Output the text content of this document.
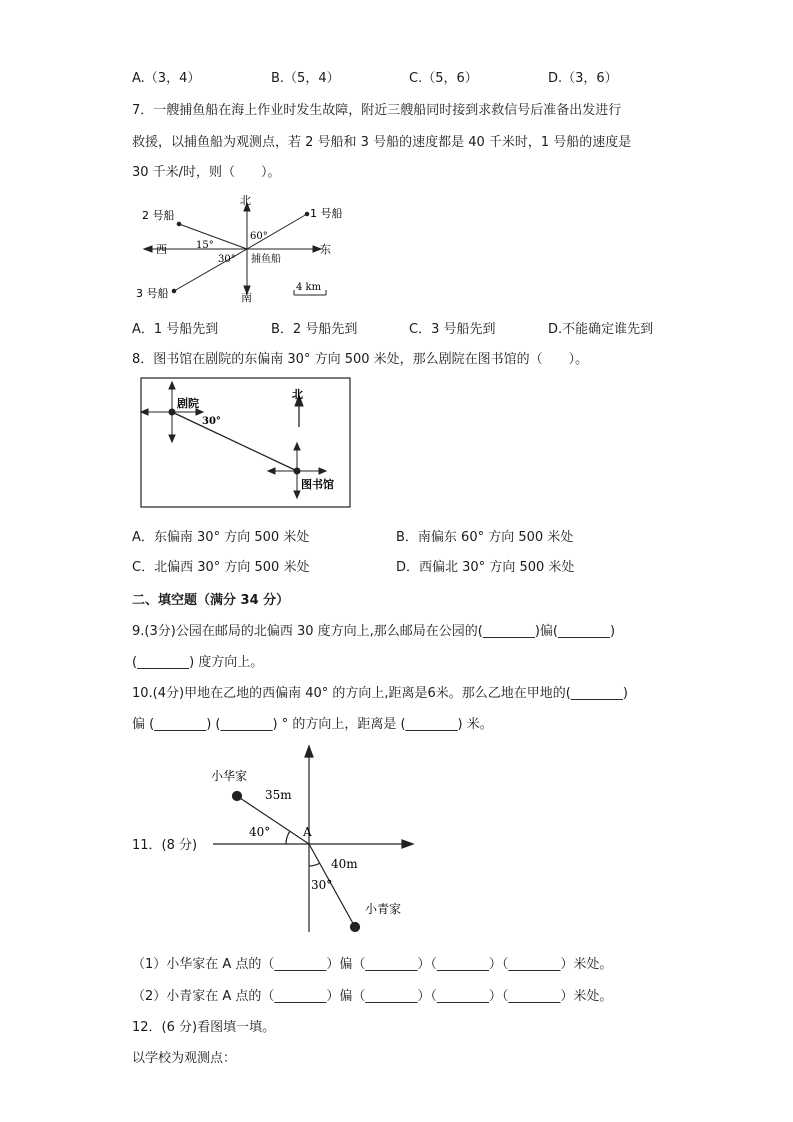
A.（3，4）	B.（5，4）	C.（5，6）	D.（3，6）
7．一艘捕鱼船在海上作业时发生故障，附近三艘船同时接到求救信号后准备出发进行
救援，以捕鱼船为观测点，若 2 号船和 3 号船的速度都是 40 千米时，1 号船的速度是
30 千米/时，则（　　）。
北
南
东
西
1 号船
2 号船
3 号船
捕鱼船
15°
30°
60°
4 km
A．1 号船先到	B．2 号船先到	C．3 号船先到	D.不能确定谁先到
8．图书馆在剧院的东偏南 30° 方向 500 米处，那么剧院在图书馆的（　　）。
剧院
30°
北
图书馆
A．东偏南 30° 方向 500 米处	B．南偏东 60° 方向 500 米处
C．北偏西 30° 方向 500 米处	D．西偏北 30° 方向 500 米处
二、填空题（满分 34 分）
9.(3分)公园在邮局的北偏西 30 度方向上,那么邮局在公园的(________)偏(________)
(________) 度方向上。
10.(4分)甲地在乙地的西偏南 40° 的方向上,距离是6米。那么乙地在甲地的(________)
偏 (________) (________) ° 的方向上，距离是 (________) 米。
11．(8 分)
小华家
35m
40°	A
40m
30°
小青家
（1）小华家在 A 点的（________）偏（________）（________）（________）米处。
（2）小青家在 A 点的（________）偏（________）（________）（________）米处。
12．(6 分)看图填一填。
以学校为观测点：
